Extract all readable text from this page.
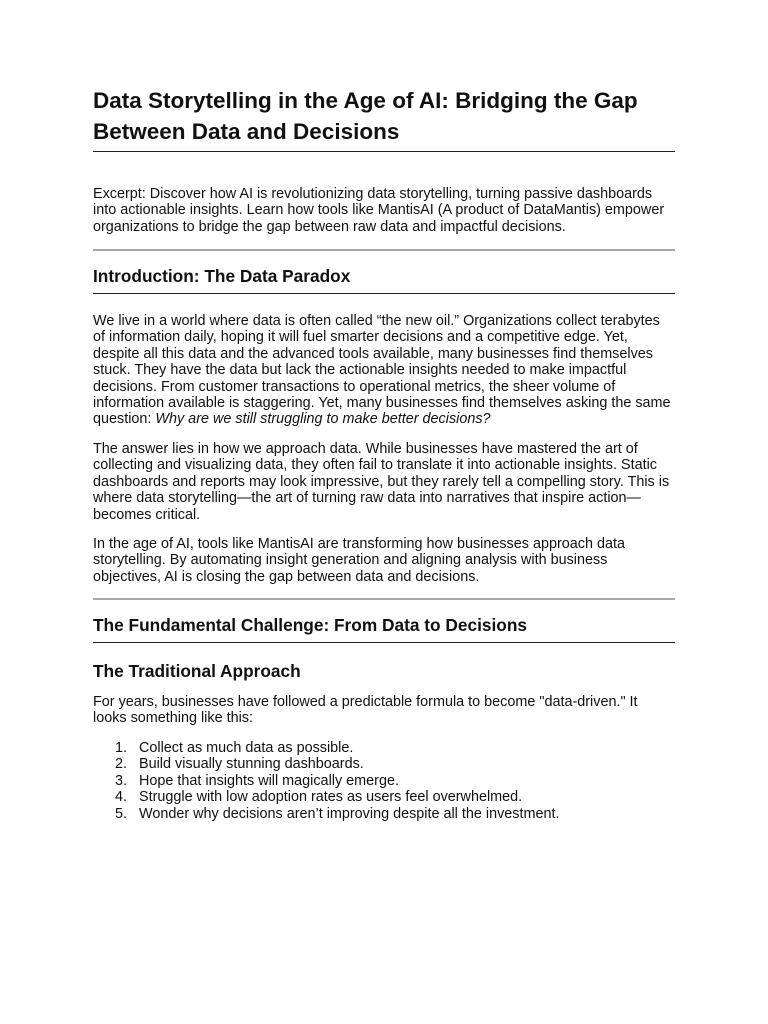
Data Storytelling in the Age of AI: Bridging the Gap Between Data and Decisions

Excerpt: Discover how AI is revolutionizing data storytelling, turning passive dashboards into actionable insights. Learn how tools like MantisAI (A product of DataMantis) empower organizations to bridge the gap between raw data and impactful decisions.

Introduction: The Data Paradox

We live in a world where data is often called “the new oil.” Organizations collect terabytes of information daily, hoping it will fuel smarter decisions and a competitive edge. Yet, despite all this data and the advanced tools available, many businesses find themselves stuck. They have the data but lack the actionable insights needed to make impactful decisions. From customer transactions to operational metrics, the sheer volume of information available is staggering. Yet, many businesses find themselves asking the same question: Why are we still struggling to make better decisions?

The answer lies in how we approach data. While businesses have mastered the art of collecting and visualizing data, they often fail to translate it into actionable insights. Static dashboards and reports may look impressive, but they rarely tell a compelling story. This is where data storytelling—the art of turning raw data into narratives that inspire action—becomes critical.

In the age of AI, tools like MantisAI are transforming how businesses approach data storytelling. By automating insight generation and aligning analysis with business objectives, AI is closing the gap between data and decisions.

The Fundamental Challenge: From Data to Decisions
The Traditional Approach

For years, businesses have followed a predictable formula to become "data-driven." It looks something like this:

1. Collect as much data as possible.
2. Build visually stunning dashboards.
3. Hope that insights will magically emerge.
4. Struggle with low adoption rates as users feel overwhelmed.
5. Wonder why decisions aren’t improving despite all the investment.
